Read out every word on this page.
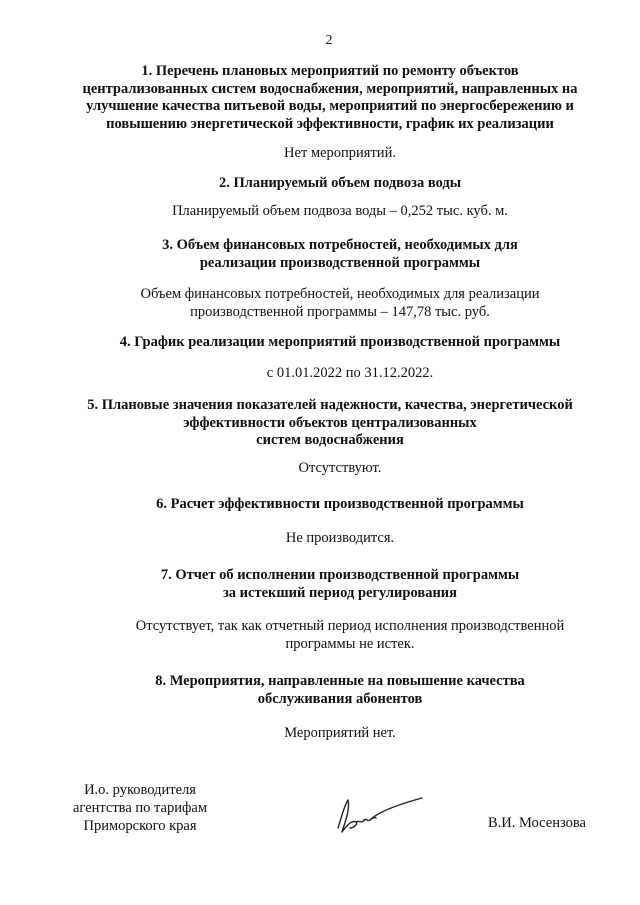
2
1. Перечень плановых мероприятий по ремонту объектов
централизованных систем водоснабжения, мероприятий, направленных на
улучшение качества питьевой воды, мероприятий по энергосбережению и
повышению энергетической эффективности, график их реализации
Нет мероприятий.
2. Планируемый объем подвоза воды
Планируемый объем подвоза воды – 0,252 тыс. куб. м.
3. Объем финансовых потребностей, необходимых для
реализации производственной программы
Объем финансовых потребностей, необходимых для реализации
производственной программы – 147,78 тыс. руб.
4. График реализации мероприятий производственной программы
с 01.01.2022 по 31.12.2022.
5. Плановые значения показателей надежности, качества, энергетической
эффективности объектов централизованных
систем водоснабжения
Отсутствуют.
6. Расчет эффективности производственной программы
Не производится.
7. Отчет об исполнении производственной программы
за истекший период регулирования
Отсутствует, так как отчетный период исполнения производственной
программы не истек.
8. Мероприятия, направленные на повышение качества
обслуживания абонентов
Мероприятий нет.
И.о. руководителя
агентства по тарифам
Приморского края	В.И. Мосензова
